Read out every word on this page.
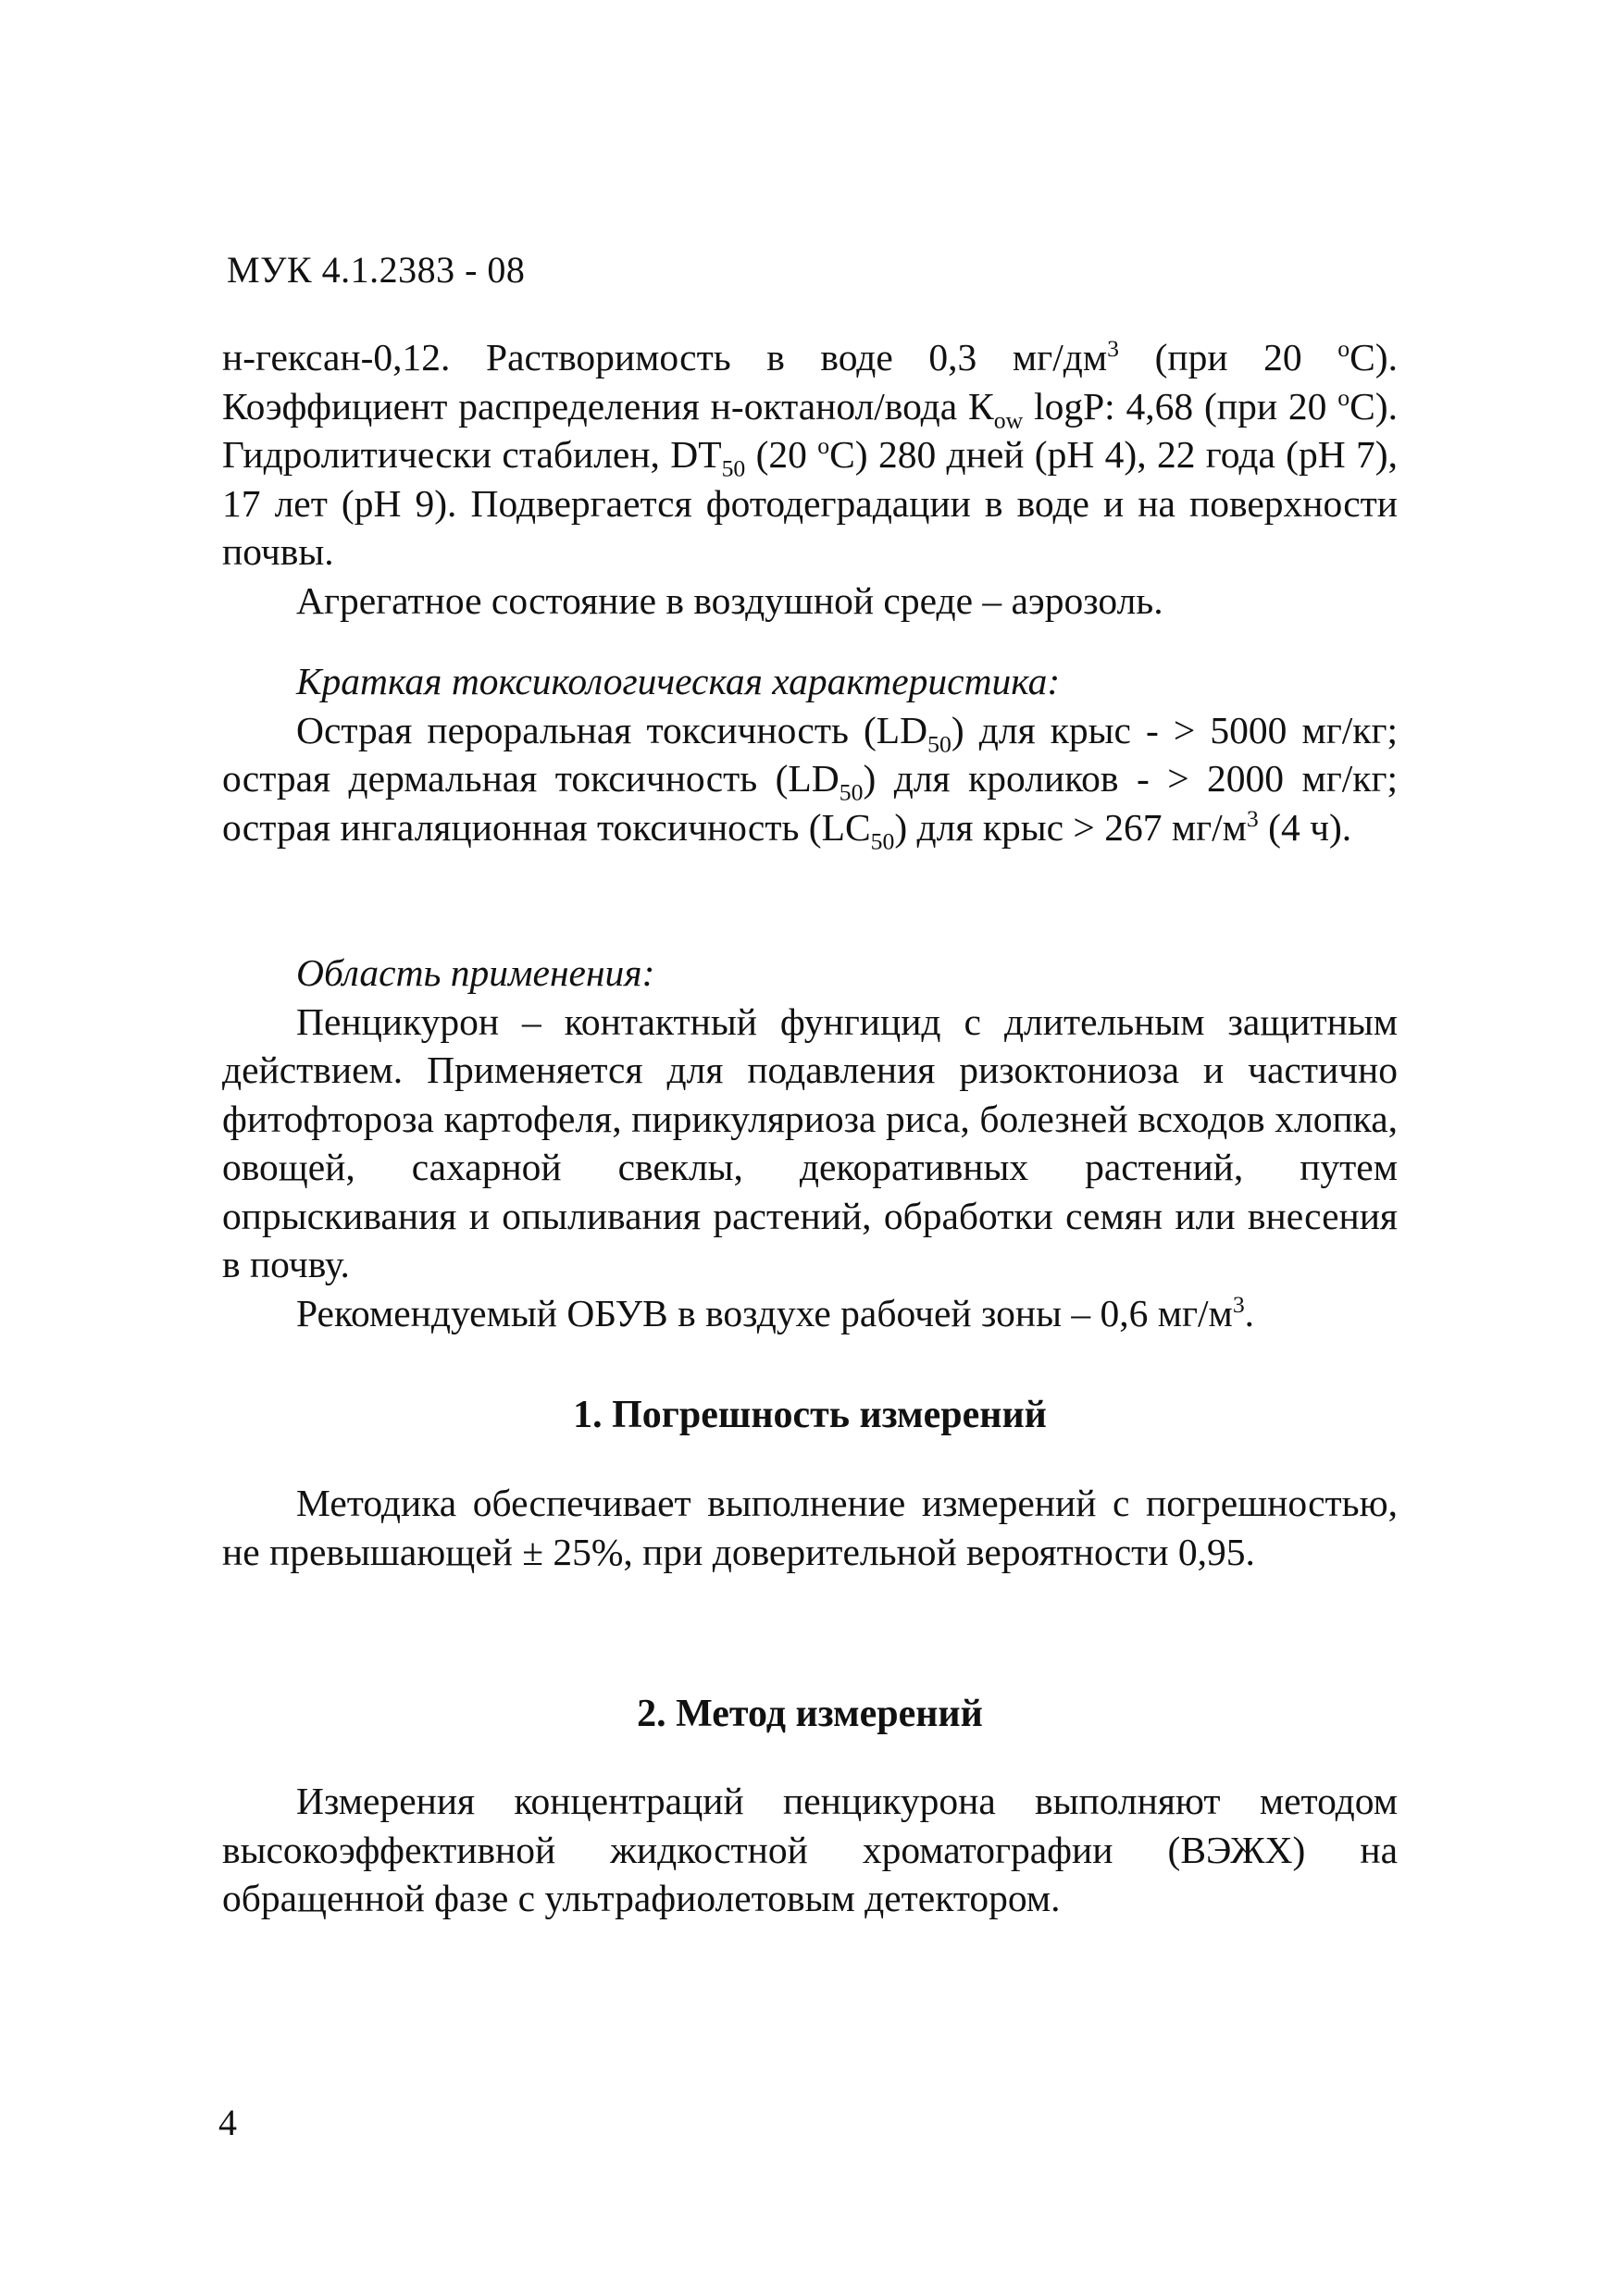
МУК 4.1.2383 - 08

н-гексан-0,12. Растворимость в воде 0,3 $мг/дм^3$ (при 20 $^o$С). Коэффициент распределения н-октанол/вода $К_{ow}$ logP: 4,68 (при 20 $^o$С). Гидролитически стабилен, $DT_{50}$ (20 $^o$С) 280 дней (pH 4), 22 года (pH 7), 17 лет (pH 9). Подвергается фотодеградации в воде и на поверхности почвы.

Агрегатное состояние в воздушной среде – аэрозоль.

Краткая токсикологическая характеристика:

Острая пероральная токсичность $(LD_{50})$ для крыс - > 5000 мг/кг; острая дермальная токсичность $(LD_{50})$ для кроликов - > 2000 мг/кг; острая ингаляционная токсичность $(LC_{50})$ для крыс > 267 $мг/м^3$ (4 ч).

Область применения:

Пенцикурон – контактный фунгицид с длительным защитным действием. Применяется для подавления ризоктониоза и частично фитофтороза картофеля, пирикуляриоза риса, болезней всходов хлопка, овощей, сахарной свеклы, декоративных растений, путем опрыскивания и опыливания растений, обработки семян или внесения в почву.

Рекомендуемый ОБУВ в воздухе рабочей зоны – 0,6 $мг/м^3$.

1. Погрешность измерений

Методика обеспечивает выполнение измерений с погрешностью, не превышающей ± 25%, при доверительной вероятности 0,95.

2. Метод измерений

Измерения концентраций пенцикурона выполняют методом высокоэффективной жидкостной хроматографии (ВЭЖХ) на обращенной фазе с ультрафиолетовым детектором.

4
